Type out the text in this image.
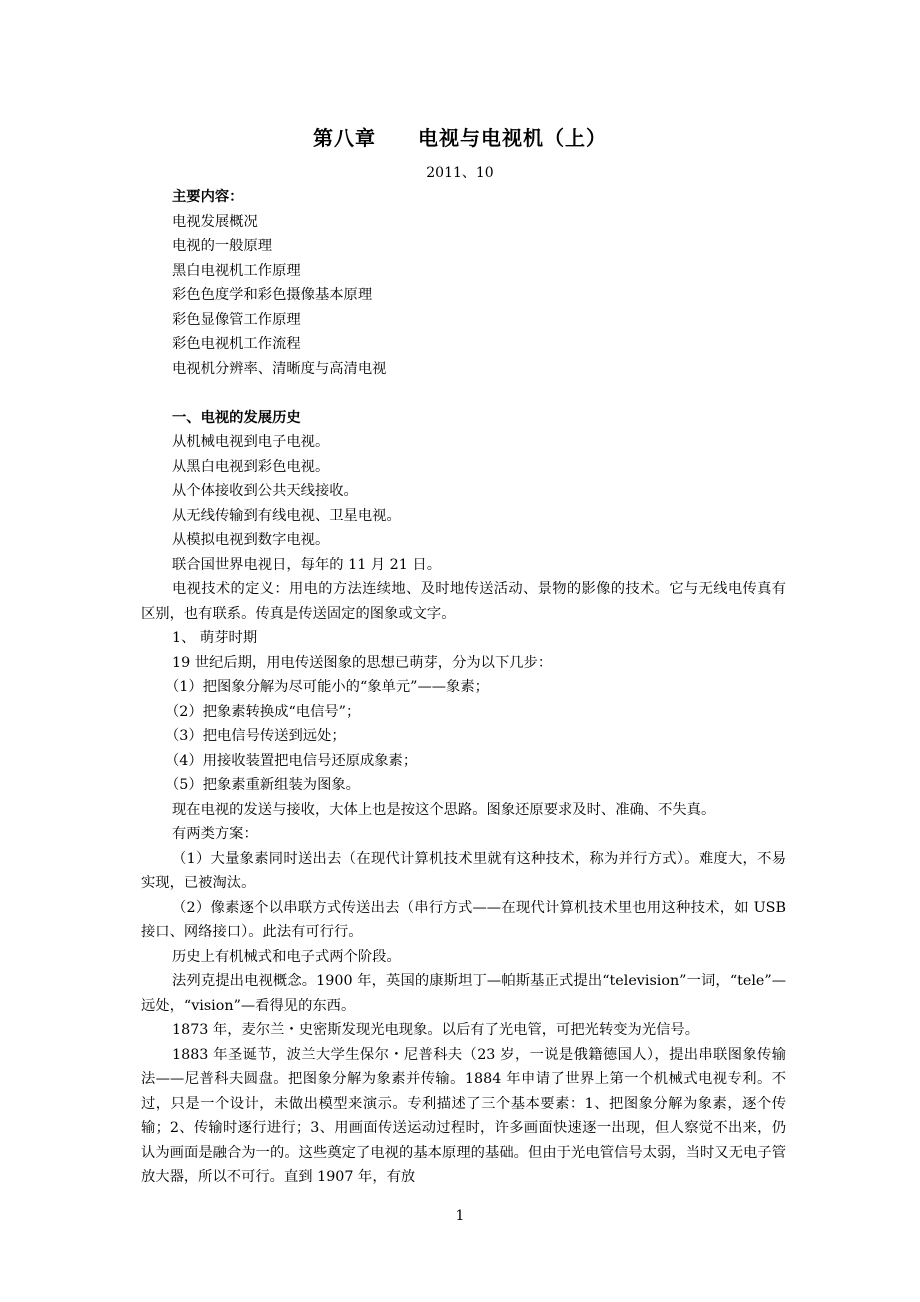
第八章　　电视与电视机（上）
2011、10

主要内容：

电视发展概况

电视的一般原理

黑白电视机工作原理

彩色色度学和彩色摄像基本原理

彩色显像管工作原理

彩色电视机工作流程

电视机分辨率、清晰度与高清电视

一、电视的发展历史

从机械电视到电子电视。

从黑白电视到彩色电视。

从个体接收到公共天线接收。

从无线传输到有线电视、卫星电视。

从模拟电视到数字电视。

联合国世界电视日，每年的 11 月 21 日。

电视技术的定义：用电的方法连续地、及时地传送活动、景物的影像的技术。它与无线电传真有区别，也有联系。传真是传送固定的图象或文字。

1、 萌芽时期

19 世纪后期，用电传送图象的思想已萌芽，分为以下几步：

（1）把图象分解为尽可能小的“象单元”——象素；

（2）把象素转换成“电信号”；

（3）把电信号传送到远处；

（4）用接收装置把电信号还原成象素；

（5）把象素重新组装为图象。

现在电视的发送与接收，大体上也是按这个思路。图象还原要求及时、准确、不失真。

有两类方案：

（1）大量象素同时送出去（在现代计算机技术里就有这种技术，称为并行方式）。难度大，不易实现，已被淘汰。

（2）像素逐个以串联方式传送出去（串行方式——在现代计算机技术里也用这种技术，如 USB 接口、网络接口）。此法有可行行。

历史上有机械式和电子式两个阶段。

法列克提出电视概念。1900 年，英国的康斯坦丁—帕斯基正式提出“television”一词，“tele”—远处，“vision”—看得见的东西。

1873 年，麦尔兰・史密斯发现光电现象。以后有了光电管，可把光转变为光信号。

1883 年圣诞节，波兰大学生保尔・尼普科夫（23 岁，一说是俄籍德国人），提出串联图象传输法——尼普科夫圆盘。把图象分解为象素并传输。1884 年申请了世界上第一个机械式电视专利。不过，只是一个设计，未做出模型来演示。专利描述了三个基本要素：1、把图象分解为象素，逐个传输；2、传输时逐行进行；3、用画面传送运动过程时，许多画面快速逐一出现，但人察觉不出来，仍认为画面是融合为一的。这些奠定了电视的基本原理的基础。但由于光电管信号太弱，当时又无电子管放大器，所以不可行。直到 1907 年，有放

1
